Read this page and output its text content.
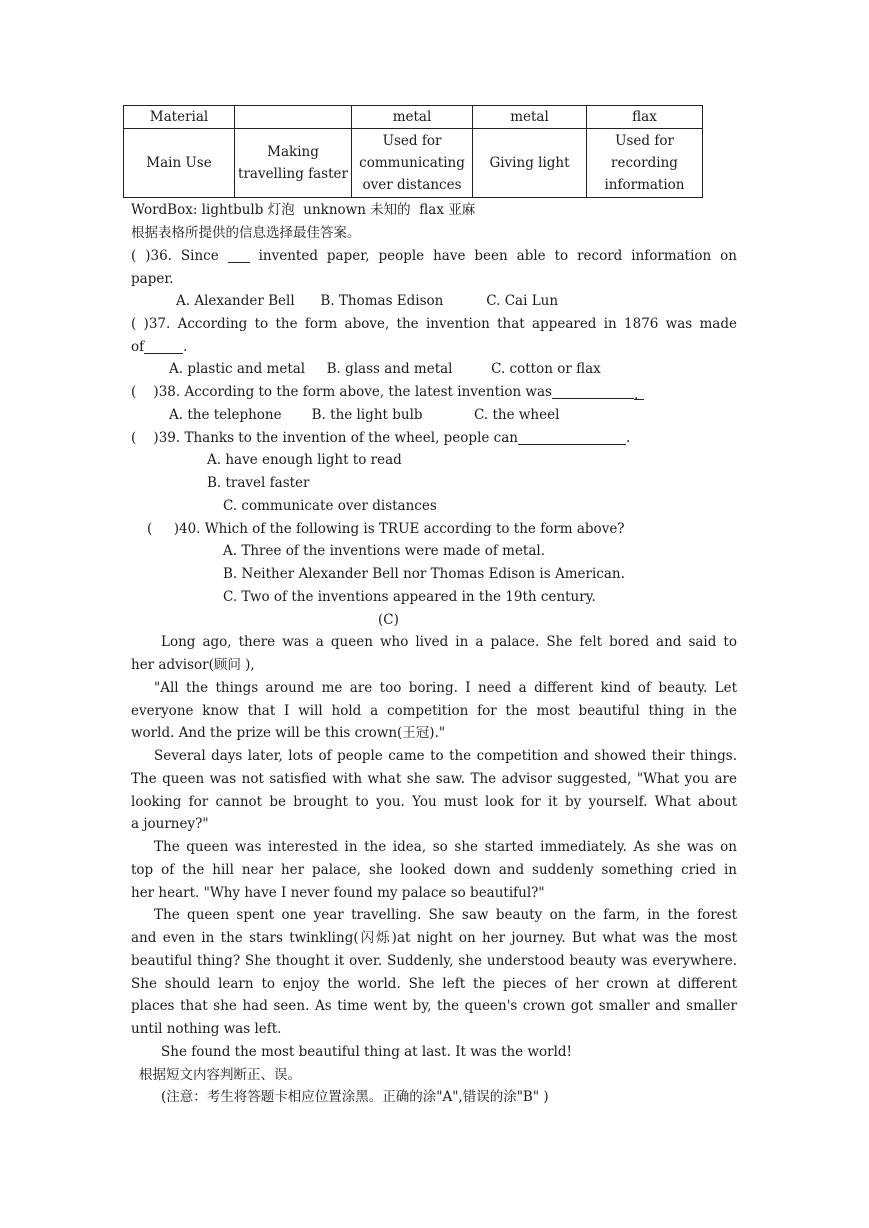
Material		metal	metal	flax
Main Use	Making travelling faster	Used for communicating over distances	Giving light	Used for recording information
WordBox: lightbulb 灯泡  unknown 未知的  flax 亚麻
根据表格所提供的信息选择最佳答案。
( )36. Since  invented paper, people have been able to record information on
paper.
A. Alexander Bell      B. Thomas Edison          C. Cai Lun
( )37. According to the form above, the invention that appeared in 1876 was made
of	.
A. plastic and metal     B. glass and metal         C. cotton or flax
(    )38. According to the form above, the latest invention was	.
A. the telephone       B. the light bulb            C. the wheel
(    )39. Thanks to the invention of the wheel, people can	.
A. have enough light to read
B. travel faster
C. communicate over distances
(     )40. Which of the following is TRUE according to the form above?
A. Three of the inventions were made of metal.
B. Neither Alexander Bell nor Thomas Edison is American.
C. Two of the inventions appeared in the 19th century.
(C)
Long ago, there was a queen who lived in a palace. She felt bored and said to
her advisor(顾问 ),
"All the things around me are too boring. I need a different kind of beauty. Let
everyone know that I will hold a competition for the most beautiful thing in the
world. And the prize will be this crown(王冠)."
Several days later, lots of people came to the competition and showed their things.
The queen was not satisfied with what she saw. The advisor suggested, "What you are
looking for cannot be brought to you. You must look for it by yourself. What about
a journey?"
The queen was interested in the idea, so she started immediately. As she was on
top of the hill near her palace, she looked down and suddenly something cried in
her heart. "Why have I never found my palace so beautiful?"
The queen spent one year travelling. She saw beauty on the farm, in the forest
and even in the stars twinkling(闪烁)at night on her journey. But what was the most
beautiful thing? She thought it over. Suddenly, she understood beauty was everywhere.
She should learn to enjoy the world. She left the pieces of her crown at different
places that she had seen. As time went by, the queen's crown got smaller and smaller
until nothing was left.
She found the most beautiful thing at last. It was the world!
根据短文内容判断正、误。
(注意：考生将答题卡相应位置涂黑。正确的涂"A",错误的涂"B" )
